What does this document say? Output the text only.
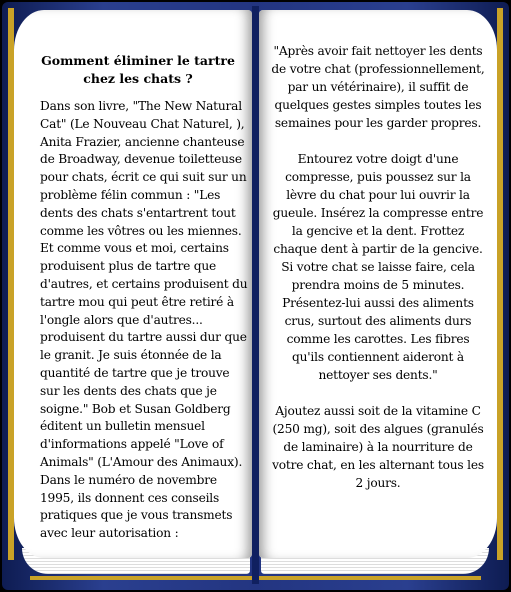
Gomment éliminer le tartre
chez les chats ?
Dans son livre, "The New Natural Cat" (Le Nouveau Chat Naturel, ), Anita Frazier, ancienne chanteuse de Broadway, devenue toiletteuse pour chats, écrit ce qui suit sur un problème félin commun : "Les dents des chats s'entartrent tout comme les vôtres ou les miennes. Et comme vous et moi, certains produisent plus de tartre que d'autres, et certains produisent du tartre mou qui peut être retiré à l'ongle alors que d'autres... produisent du tartre aussi dur que le granit. Je suis étonnée de la quantité de tartre que je trouve sur les dents des chats que je soigne." Bob et Susan Goldberg éditent un bulletin mensuel d'informations appelé "Love of Animals" (L'Amour des Animaux). Dans le numéro de novembre 1995, ils donnent ces conseils pratiques que je vous transmets avec leur autorisation :

"Après avoir fait nettoyer les dents de votre chat (professionnellement, par un vétérinaire), il suffit de quelques gestes simples toutes les semaines pour les garder propres.

Entourez votre doigt d'une compresse, puis poussez sur la lèvre du chat pour lui ouvrir la gueule. Insérez la compresse entre la gencive et la dent. Frottez chaque dent à partir de la gencive. Si votre chat se laisse faire, cela prendra moins de 5 minutes. Présentez-lui aussi des aliments crus, surtout des aliments durs comme les carottes. Les fibres qu'ils contiennent aideront à nettoyer ses dents."

Ajoutez aussi soit de la vitamine C (250 mg), soit des algues (granulés de laminaire) à la nourriture de votre chat, en les alternant tous les 2 jours.
